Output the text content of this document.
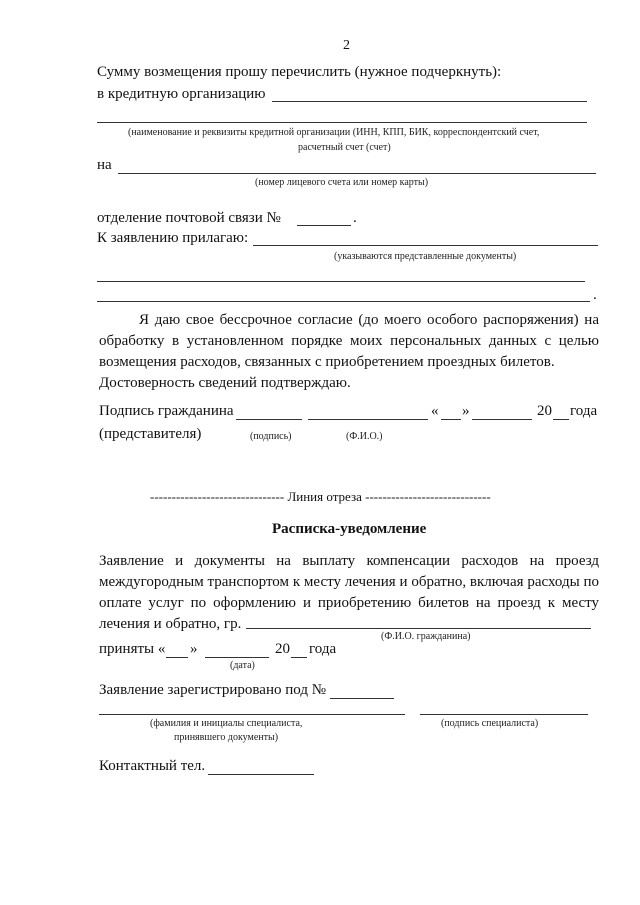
2
Сумму возмещения прошу перечислить (нужное подчеркнуть):
в кредитную организацию
(наименование и реквизиты кредитной организации (ИНН, КПП, БИК, корреспондентский счет,
расчетный счет (счет)
на
(номер лицевого счета или номер карты)
отделение почтовой связи №	.
К заявлению прилагаю:
(указываются представленные документы)
.
Я даю свое бессрочное согласие (до моего особого распоряжения) на обработку в установленном порядке моих персональных данных с целью возмещения расходов, связанных с приобретением проездных билетов.
Достоверность сведений подтверждаю.
Подпись гражданина	« »	20 года
(представителя)	(подпись)	(Ф.И.О.)
------------------------------- Линия отреза -----------------------------
Расписка-уведомление
Заявление и документы на выплату компенсации расходов на проезд междугородным транспортом к месту лечения и обратно, включая расходы по оплате услуг по оформлению и приобретению билетов на проезд к месту лечения и обратно, гр.
(Ф.И.О. гражданина)
приняты « »	20 года
(дата)
Заявление зарегистрировано под №
(фамилия и инициалы специалиста,
принявшего документы)
(подпись специалиста)
Контактный тел.
